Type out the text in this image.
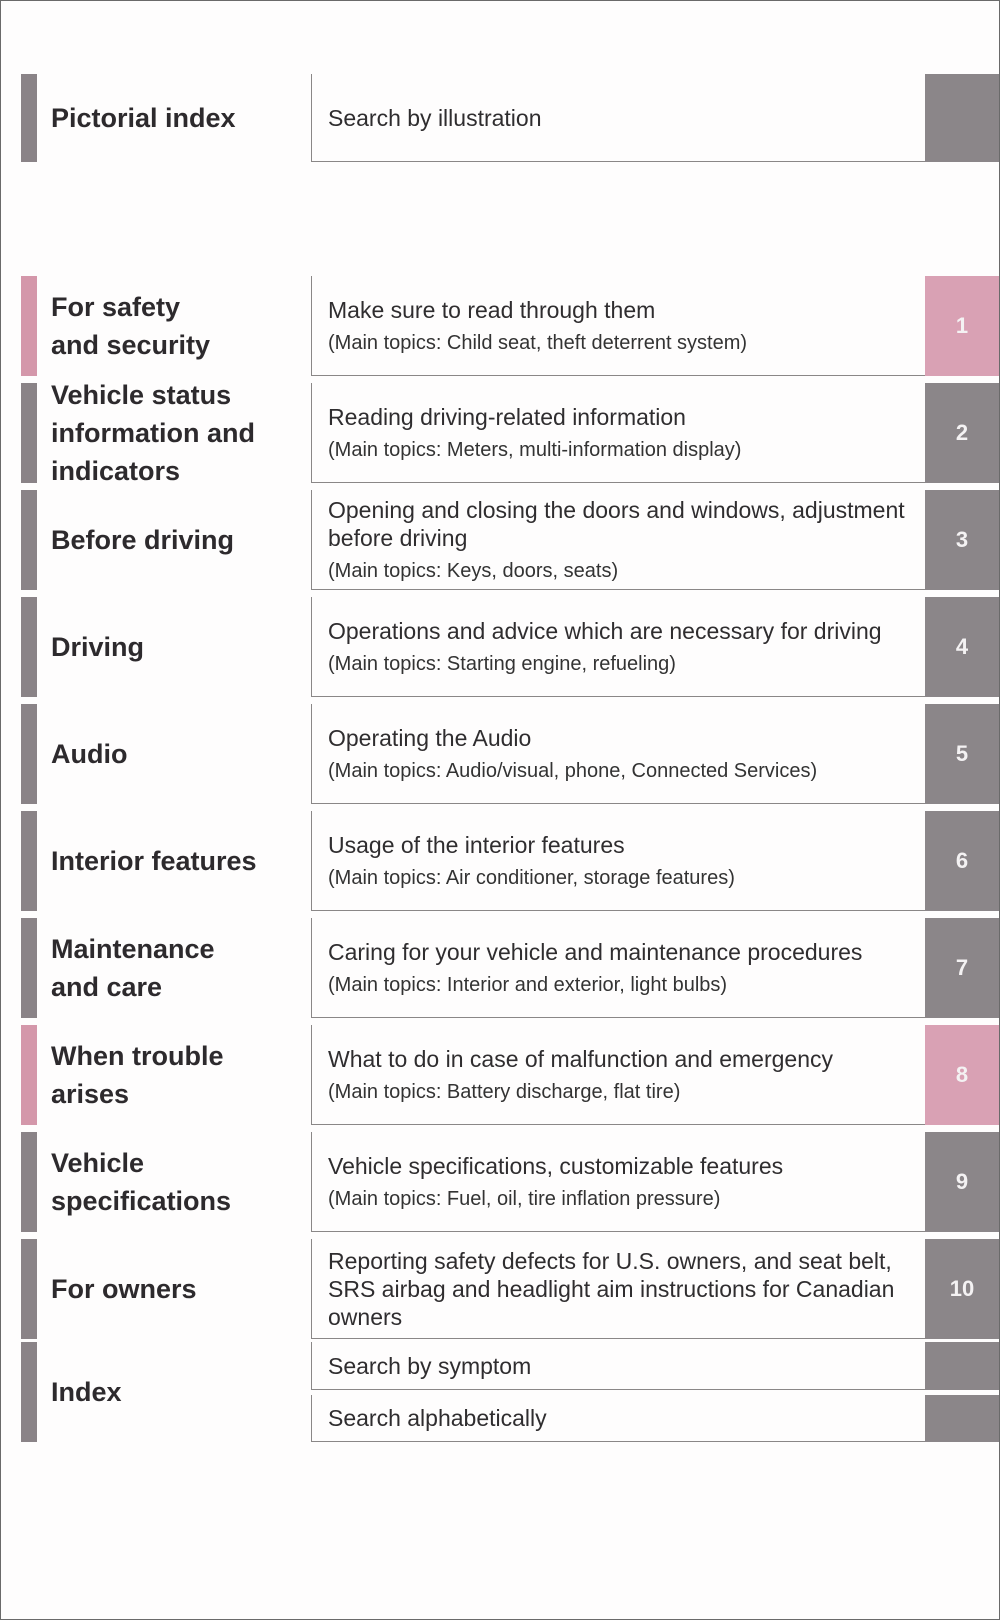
Pictorial index	Search by illustration
For safety
and security
Make sure to read through them
(Main topics: Child seat, theft deterrent system)
1
Vehicle status
information and
indicators
Reading driving-related information
(Main topics: Meters, multi-information display)
2
Before driving
Opening and closing the doors and windows, adjustment before driving
(Main topics: Keys, doors, seats)
3
Driving
Operations and advice which are necessary for driving
(Main topics: Starting engine, refueling)
4
Audio
Operating the Audio
(Main topics: Audio/visual, phone, Connected Services)
5
Interior features
Usage of the interior features
(Main topics: Air conditioner, storage features)
6
Maintenance
and care
Caring for your vehicle and maintenance procedures
(Main topics: Interior and exterior, light bulbs)
7
When trouble
arises
What to do in case of malfunction and emergency
(Main topics: Battery discharge, flat tire)
8
Vehicle
specifications
Vehicle specifications, customizable features
(Main topics: Fuel, oil, tire inflation pressure)
9
For owners
Reporting safety defects for U.S. owners, and seat belt, SRS airbag and headlight aim instructions for Canadian owners
10
Index
Search by symptom
Search alphabetically
